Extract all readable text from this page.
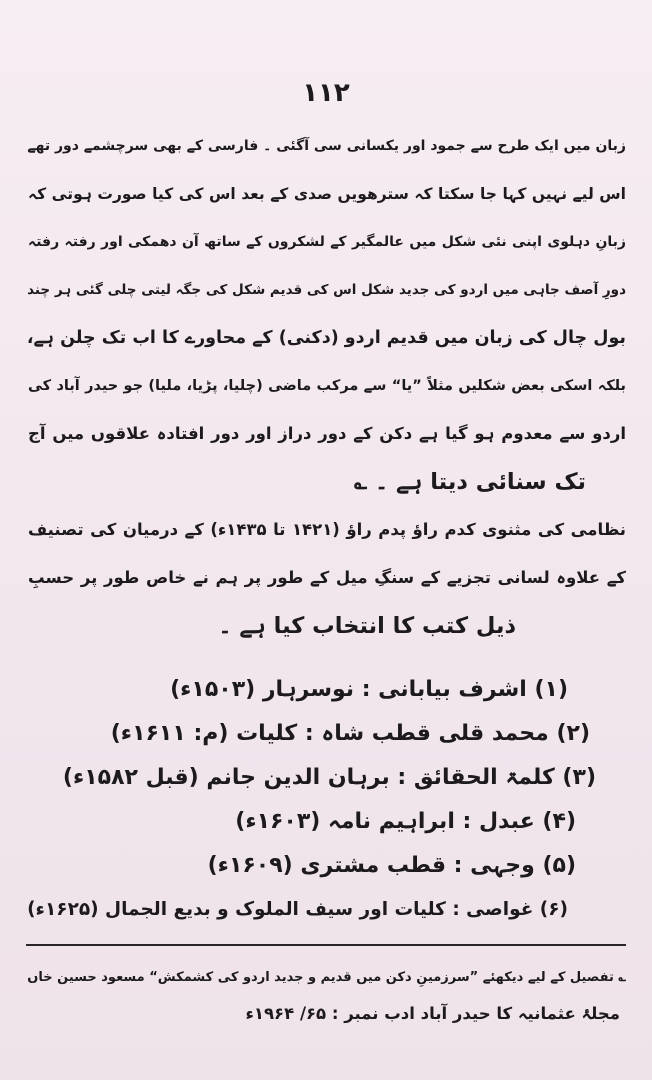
١١٢
زبان میں ایک طرح سے جمود اور یکسانی سی آگئی ۔ فارسی کے بھی سرچشمے دور تھے
اس لیے نہیں کہا جا سکتا کہ سترھویں صدی کے بعد اس کی کیا صورت ہوتی کہ
زبانِ دہلوی اپنی نئی شکل میں عالمگیر کے لشکروں کے ساتھ آن دھمکی اور رفتہ رفتہ
دورِ آصف جاہی میں اردو کی جدید شکل اس کی قدیم شکل کی جگہ لیتی چلی گئی ہر چند
بول چال کی زبان میں قدیم اردو (دکنی) کے محاورے کا اب تک چلن ہے،
بلکہ اسکی بعض شکلیں مثلاً ”یا“ سے مرکب ماضی (چلیا، پڑیا، ملیا) جو حیدر آباد کی
اردو سے معدوم ہو گیا ہے دکن کے دور دراز اور دور افتادہ علاقوں میں آج
تک سنائی دیتا ہے ۔ ؎
نظامی کی مثنوی کدم راؤ پدم راؤ (۱۴۲۱ تا ۱۴۳۵ء) کے درمیان کی تصنیف
کے علاوہ لسانی تجزیے کے سنگِ میل کے طور پر ہم نے خاص طور پر حسبِ
ذیل کتب کا انتخاب کیا ہے ۔
(۱) اشرف بیابانی : نوسرہار (۱۵۰۳ء)
(۲) محمد قلی قطب شاہ : کلیات (م: ۱۶۱۱ء)
(۳) کلمۃ الحقائق : برہان الدین جانم (قبل ۱۵۸۲ء)
(۴) عبدل : ابراہیم نامہ (۱۶۰۳ء)
(۵) وجہی : قطب مشتری (۱۶۰۹ء)
(۶) غواصی : کلیات اور سیف الملوک و بدیع الجمال (۱۶۲۵ء)
؎ تفصیل کے لیے دیکھئے ”سرزمینِ دکن میں قدیم و جدید اردو کی کشمکش“ مسعود حسین خاں
مجلۂ عثمانیہ کا حیدر آباد ادب نمبر : ۶۵/ ۱۹۶۴ء
